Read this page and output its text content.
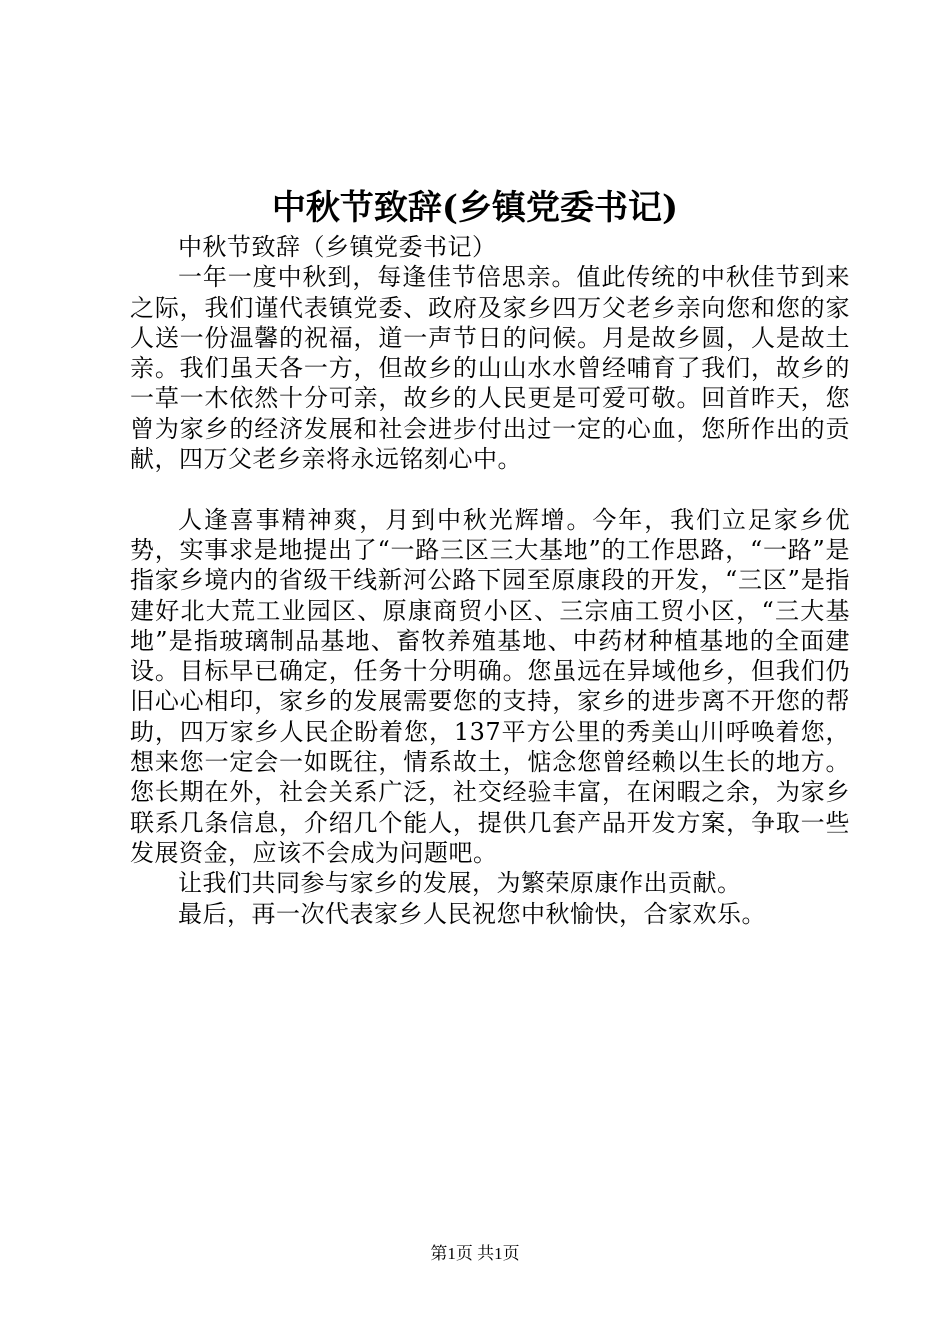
中秋节致辞(乡镇党委书记)

中秋节致辞（乡镇党委书记）

一年一度中秋到，每逢佳节倍思亲。值此传统的中秋佳节到来之际，我们谨代表镇党委、政府及家乡四万父老乡亲向您和您的家人送一份温馨的祝福，道一声节日的问候。月是故乡圆，人是故土亲。我们虽天各一方，但故乡的山山水水曾经哺育了我们，故乡的一草一木依然十分可亲，故乡的人民更是可爱可敬。回首昨天，您曾为家乡的经济发展和社会进步付出过一定的心血，您所作出的贡献，四万父老乡亲将永远铭刻心中。

人逢喜事精神爽，月到中秋光辉增。今年，我们立足家乡优势，实事求是地提出了“一路三区三大基地”的工作思路，“一路”是指家乡境内的省级干线新河公路下园至原康段的开发，“三区”是指建好北大荒工业园区、原康商贸小区、三宗庙工贸小区，“三大基地”是指玻璃制品基地、畜牧养殖基地、中药材种植基地的全面建设。目标早已确定，任务十分明确。您虽远在异域他乡，但我们仍旧心心相印，家乡的发展需要您的支持，家乡的进步离不开您的帮助，四万家乡人民企盼着您，137平方公里的秀美山川呼唤着您，想来您一定会一如既往，情系故土，惦念您曾经赖以生长的地方。您长期在外，社会关系广泛，社交经验丰富，在闲暇之余，为家乡联系几条信息，介绍几个能人，提供几套产品开发方案，争取一些发展资金，应该不会成为问题吧。

让我们共同参与家乡的发展，为繁荣原康作出贡献。

最后，再一次代表家乡人民祝您中秋愉快，合家欢乐。

第1页 共1页
